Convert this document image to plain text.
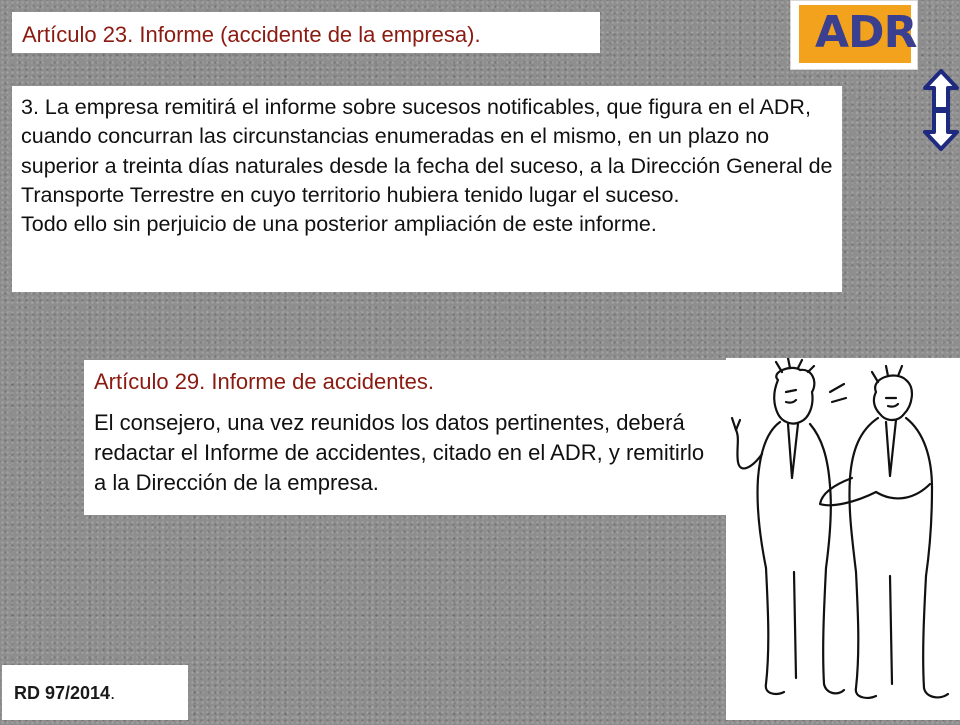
Artículo 23. Informe (accidente de la empresa).

3. La empresa remitirá el informe sobre sucesos notificables, que figura en el ADR, cuando concurran las circunstancias enumeradas en el mismo, en un plazo no superior a treinta días naturales desde la fecha del suceso, a la Dirección General de Transporte Terrestre en cuyo territorio hubiera tenido lugar el suceso.

Todo ello sin perjuicio de una posterior ampliación de este informe.

Artículo 29. Informe de accidentes.

El consejero, una vez reunidos los datos pertinentes, deberá redactar el Informe de accidentes, citado en el ADR, y remitirlo a la Dirección de la empresa.

RD 97/2014.
ADR
